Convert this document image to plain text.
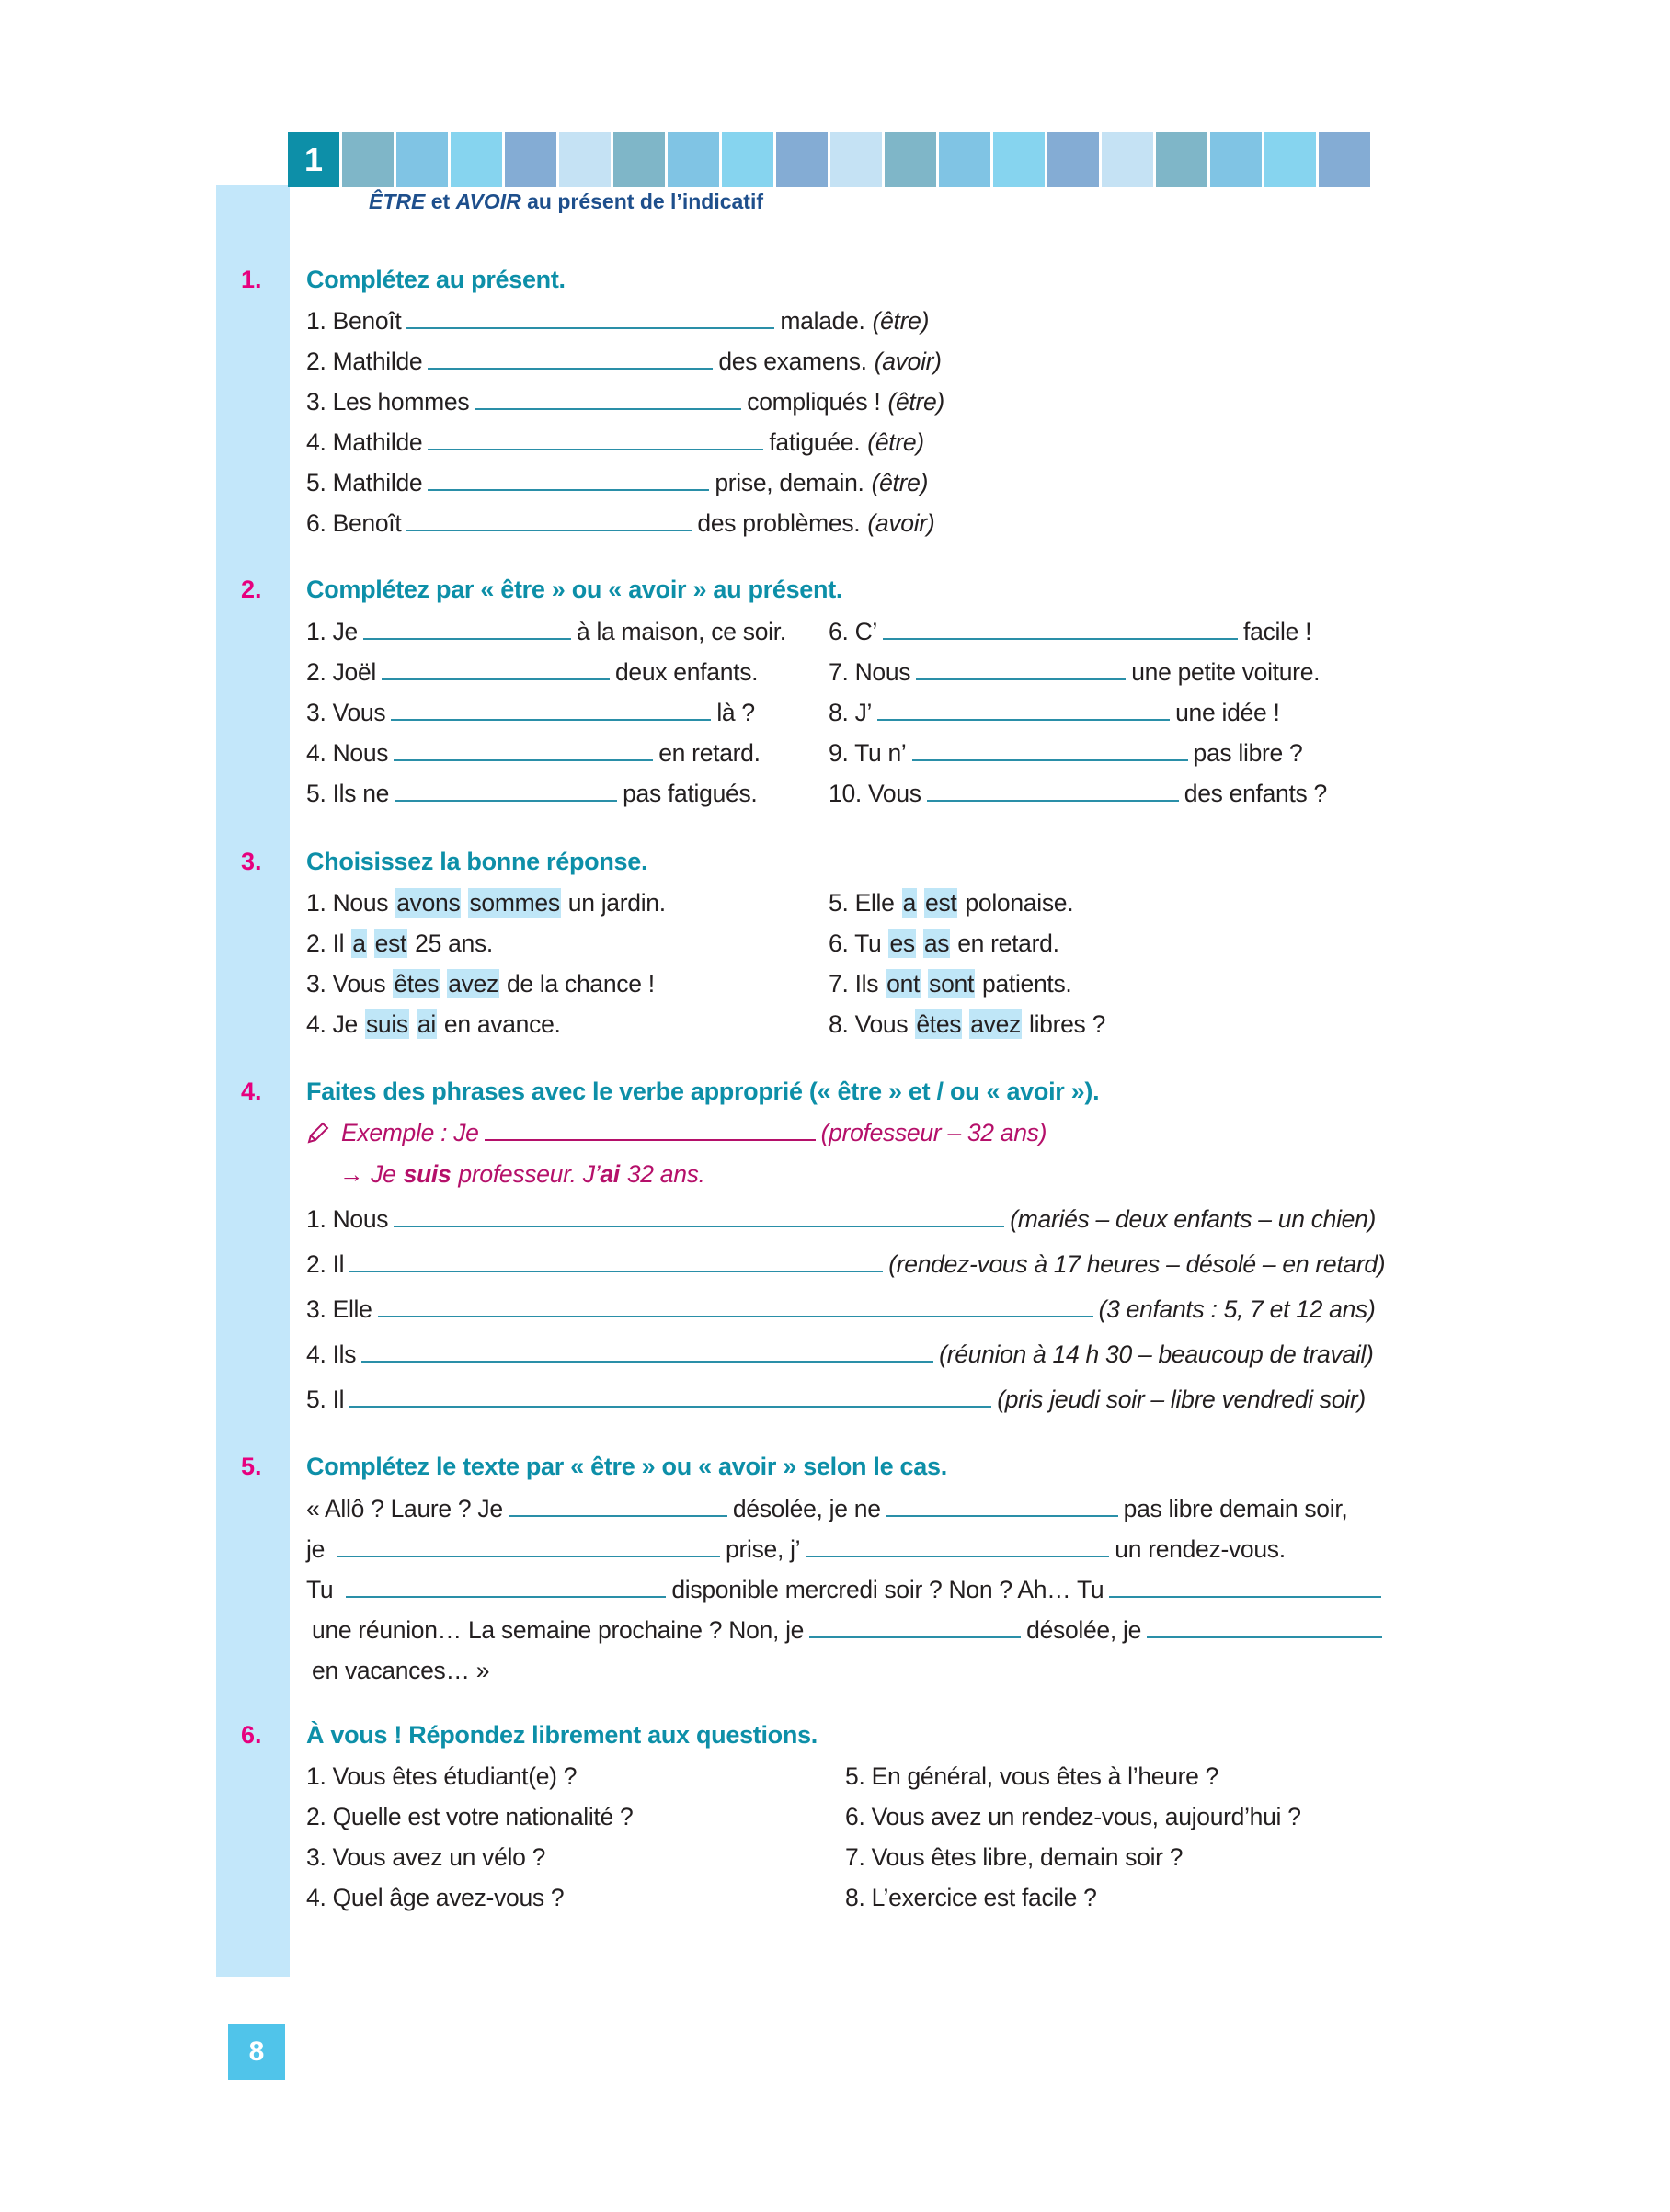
1
ÊTRE et AVOIR au présent de l’indicatif
1. Complétez au présent.
1. Benoît	malade. (être)
2. Mathilde	des examens. (avoir)
3. Les hommes	compliqués ! (être)
4. Mathilde	fatiguée. (être)
5. Mathilde	prise, demain. (être)
6. Benoît	des problèmes. (avoir)
2. Complétez par « être » ou « avoir » au présent.
1. Je	à la maison, ce soir.
2. Joël	deux enfants.
3. Vous	là ?
4. Nous	en retard.
5. Ils ne	pas fatigués.
6. C’	facile !
7. Nous	une petite voiture.
8. J’	une idée !
9. Tu n’	pas libre ?
10. Vous	des enfants ?
3. Choisissez la bonne réponse.
1. Nous avons sommes un jardin.
2. Il a est 25 ans.
3. Vous êtes avez de la chance !
4. Je suis ai en avance.
5. Elle a est polonaise.
6. Tu es as en retard.
7. Ils ont sont patients.
8. Vous êtes avez libres ?
4. Faites des phrases avec le verbe approprié (« être » et / ou « avoir »).
Exemple : Je	(professeur – 32 ans)
→ Je suis professeur. J’ ai 32 ans.
1. Nous	(mariés – deux enfants – un chien)
2. Il	(rendez-vous à 17 heures – désolé – en retard)
3. Elle	(3 enfants : 5, 7 et 12 ans)
4. Ils	(réunion à 14 h 30 – beaucoup de travail)
5. Il	(pris jeudi soir – libre vendredi soir)
5. Complétez le texte par « être » ou « avoir » selon le cas.
« Allô ? Laure ? Je	désolée, je ne	pas libre demain soir,
je	prise, j’	un rendez-vous.
Tu	disponible mercredi soir ? Non ? Ah… Tu
une réunion… La semaine prochaine ? Non, je	désolée, je
en vacances… »
6. À vous ! Répondez librement aux questions.
1. Vous êtes étudiant(e) ?
2. Quelle est votre nationalité ?
3. Vous avez un vélo ?
4. Quel âge avez-vous ?
5. En général, vous êtes à l’heure ?
6. Vous avez un rendez-vous, aujourd’hui ?
7. Vous êtes libre, demain soir ?
8. L’exercice est facile ?
8
